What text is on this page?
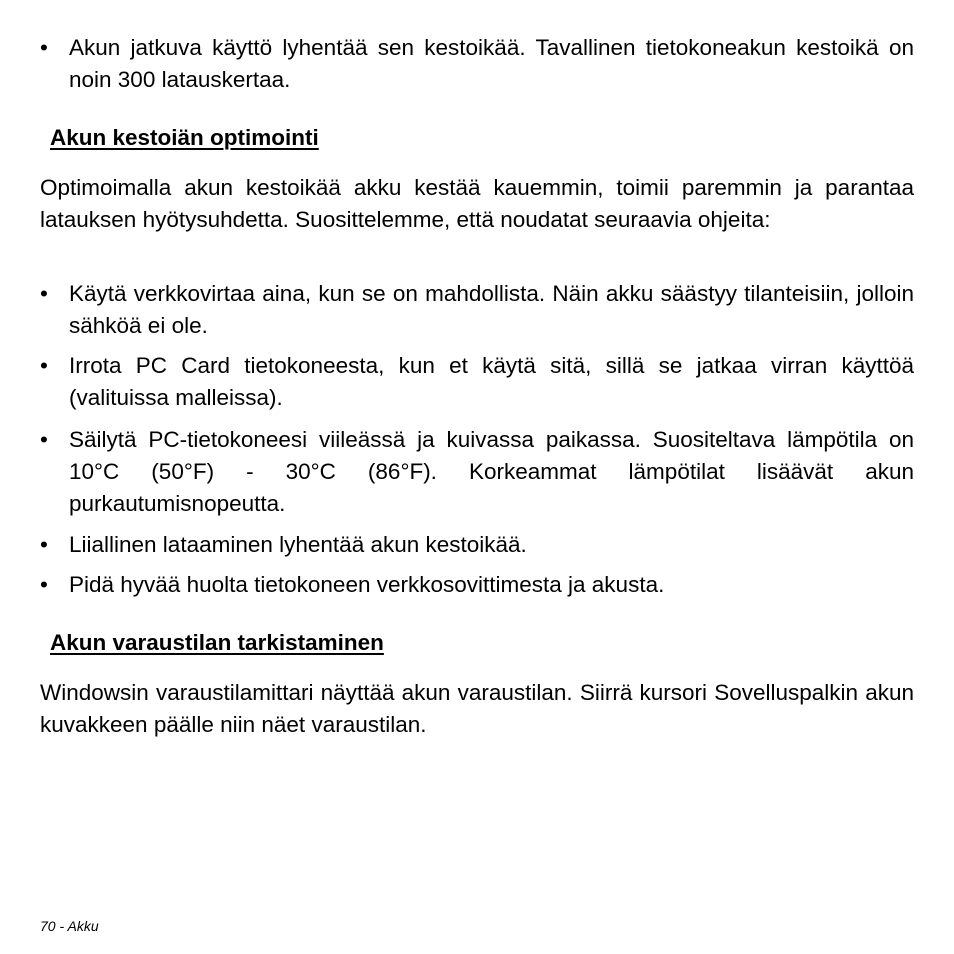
• Akun jatkuva käyttö lyhentää sen kestoikää. Tavallinen tietokoneakun kestoikä on noin 300 latauskertaa.
Akun kestoiän optimointi
Optimoimalla akun kestoikää akku kestää kauemmin, toimii paremmin ja parantaa latauksen hyötysuhdetta. Suosittelemme, että noudatat seuraavia ohjeita:
• Käytä verkkovirtaa aina, kun se on mahdollista. Näin akku säästyy tilanteisiin, jolloin sähköä ei ole.
• Irrota PC Card tietokoneesta, kun et käytä sitä, sillä se jatkaa virran käyttöä (valituissa malleissa).
• Säilytä PC-tietokoneesi viileässä ja kuivassa paikassa. Suositeltava lämpötila on 10°C (50°F) - 30°C (86°F). Korkeammat lämpötilat lisäävät akun purkautumisnopeutta.
• Liiallinen lataaminen lyhentää akun kestoikää.
• Pidä hyvää huolta tietokoneen verkkosovittimesta ja akusta.
Akun varaustilan tarkistaminen
Windowsin varaustilamittari näyttää akun varaustilan. Siirrä kursori Sovelluspalkin akun kuvakkeen päälle niin näet varaustilan.
70 - Akku
